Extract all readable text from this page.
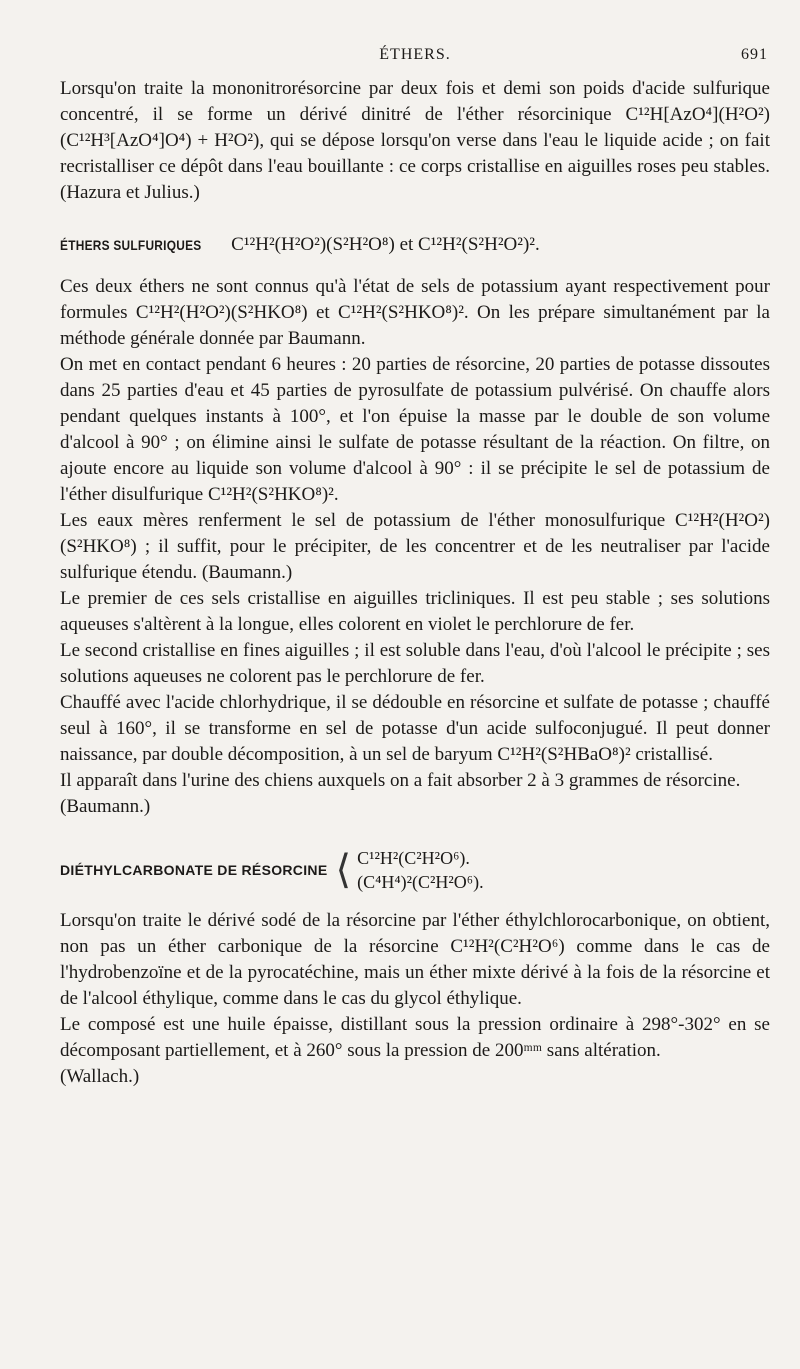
ÉTHERS.	691

Lorsqu'on traite la mononitrorésorcine par deux fois et demi son poids d'acide sulfurique concentré, il se forme un dérivé dinitré de l'éther résorcinique C¹²H[AzO⁴](H²O²)(C¹²H³[AzO⁴]O⁴) + H²O²), qui se dépose lorsqu'on verse dans l'eau le liquide acide ; on fait recristalliser ce dépôt dans l'eau bouillante : ce corps cristallise en aiguilles roses peu stables. (Hazura et Julius.)

ÉTHERS SULFURIQUES C¹²H²(H²O²)(S²H²O⁸) et C¹²H²(S²H²O²)².

Ces deux éthers ne sont connus qu'à l'état de sels de potassium ayant respectivement pour formules C¹²H²(H²O²)(S²HKO⁸) et C¹²H²(S²HKO⁸)². On les prépare simultanément par la méthode générale donnée par Baumann.

On met en contact pendant 6 heures : 20 parties de résorcine, 20 parties de potasse dissoutes dans 25 parties d'eau et 45 parties de pyrosulfate de potassium pulvérisé. On chauffe alors pendant quelques instants à 100°, et l'on épuise la masse par le double de son volume d'alcool à 90° ; on élimine ainsi le sulfate de potasse résultant de la réaction. On filtre, on ajoute encore au liquide son volume d'alcool à 90° : il se précipite le sel de potassium de l'éther disulfurique C¹²H²(S²HKO⁸)².

Les eaux mères renferment le sel de potassium de l'éther monosulfurique C¹²H²(H²O²)(S²HKO⁸) ; il suffit, pour le précipiter, de les concentrer et de les neutraliser par l'acide sulfurique étendu. (Baumann.)

Le premier de ces sels cristallise en aiguilles tricliniques. Il est peu stable ; ses solutions aqueuses s'altèrent à la longue, elles colorent en violet le perchlorure de fer.

Le second cristallise en fines aiguilles ; il est soluble dans l'eau, d'où l'alcool le précipite ; ses solutions aqueuses ne colorent pas le perchlorure de fer.

Chauffé avec l'acide chlorhydrique, il se dédouble en résorcine et sulfate de potasse ; chauffé seul à 160°, il se transforme en sel de potasse d'un acide sulfoconjugué. Il peut donner naissance, par double décomposition, à un sel de baryum C¹²H²(S²HBaO⁸)² cristallisé.

Il apparaît dans l'urine des chiens auxquels on a fait absorber 2 à 3 grammes de résorcine.

(Baumann.)

DIÉTHYLCARBONATE DE RÉSORCINE ⟨ C¹²H²(C²H²O⁶).
(C⁴H⁴)²(C²H²O⁶).

Lorsqu'on traite le dérivé sodé de la résorcine par l'éther éthylchlorocarbonique, on obtient, non pas un éther carbonique de la résorcine C¹²H²(C²H²O⁶) comme dans le cas de l'hydrobenzoïne et de la pyrocatéchine, mais un éther mixte dérivé à la fois de la résorcine et de l'alcool éthylique, comme dans le cas du glycol éthylique.

Le composé est une huile épaisse, distillant sous la pression ordinaire à 298°-302° en se décomposant partiellement, et à 260° sous la pression de 200ᵐᵐ sans altération.

(Wallach.)
